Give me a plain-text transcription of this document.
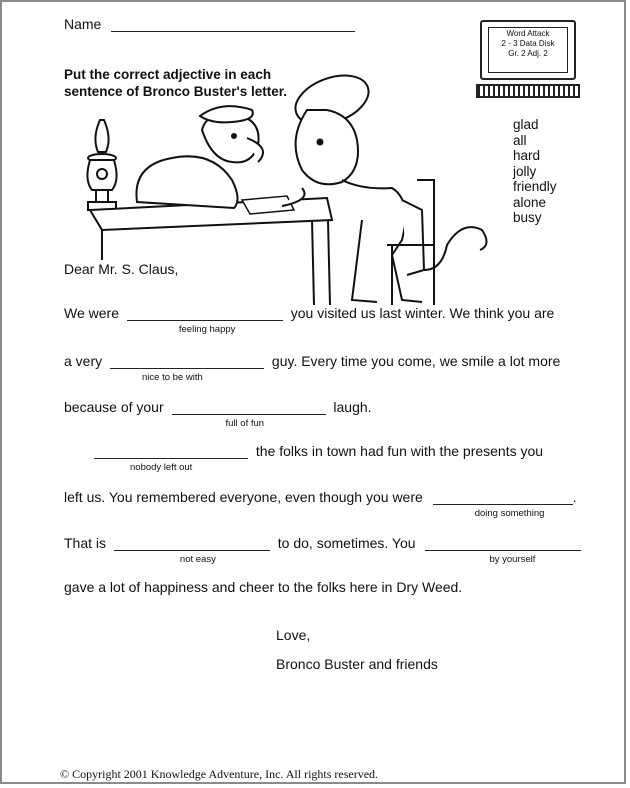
Name
Word Attack
2 - 3 Data Disk
Gr. 2 Adj. 2
Put the correct adjective in each sentence of Bronco Buster's letter.
glad
all
hard
jolly
friendly
alone
busy
Dear Mr. S. Claus,
We were
feeling happy
you visited us last winter. We think you are
a very
nice to be with
guy. Every time you come, we smile a lot more
because of your
full of fun
laugh.
nobody left out
the folks in town had fun with the presents you
left us. You remembered everyone, even though you were
doing something
.
That is
not easy
to do, sometimes. You
by yourself
gave a lot of happiness and cheer to the folks here in Dry Weed.
Love,
Bronco Buster and friends
© Copyright 2001 Knowledge Adventure, Inc. All rights reserved.
